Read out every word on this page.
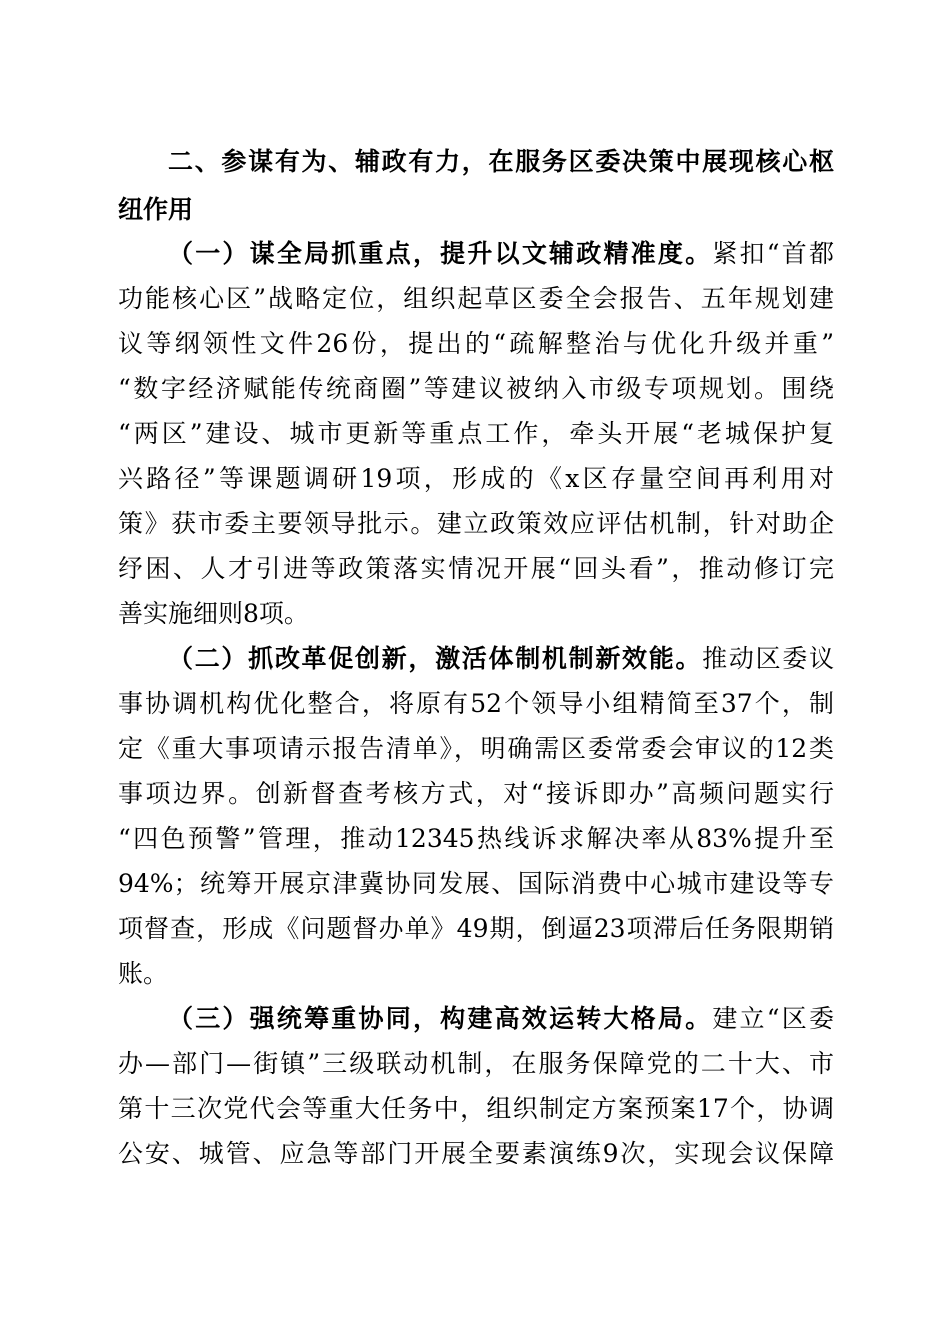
二、参谋有为、辅政有力，在服务区委决策中展现核心枢
纽作用
（一）谋全局抓重点，提升以文辅政精准度。紧扣“首都
功能核心区”战略定位，组织起草区委全会报告、五年规划建
议等纲领性文件26份，提出的“疏解整治与优化升级并重”
“数字经济赋能传统商圈”等建议被纳入市级专项规划。围绕
“两区”建设、城市更新等重点工作，牵头开展“老城保护复
兴路径”等课题调研19项，形成的《x区存量空间再利用对
策》获市委主要领导批示。建立政策效应评估机制，针对助企
纾困、人才引进等政策落实情况开展“回头看”，推动修订完
善实施细则8项。
（二）抓改革促创新，激活体制机制新效能。推动区委议
事协调机构优化整合，将原有52个领导小组精简至37个，制
定《重大事项请示报告清单》，明确需区委常委会审议的12类
事项边界。创新督查考核方式，对“接诉即办”高频问题实行
“四色预警”管理，推动12345热线诉求解决率从83%提升至
94%；统筹开展京津冀协同发展、国际消费中心城市建设等专
项督查，形成《问题督办单》49期，倒逼23项滞后任务限期销
账。
（三）强统筹重协同，构建高效运转大格局。建立“区委
办—部门—街镇”三级联动机制，在服务保障党的二十大、市
第十三次党代会等重大任务中，组织制定方案预案17个，协调
公安、城管、应急等部门开展全要素演练9次，实现会议保障
